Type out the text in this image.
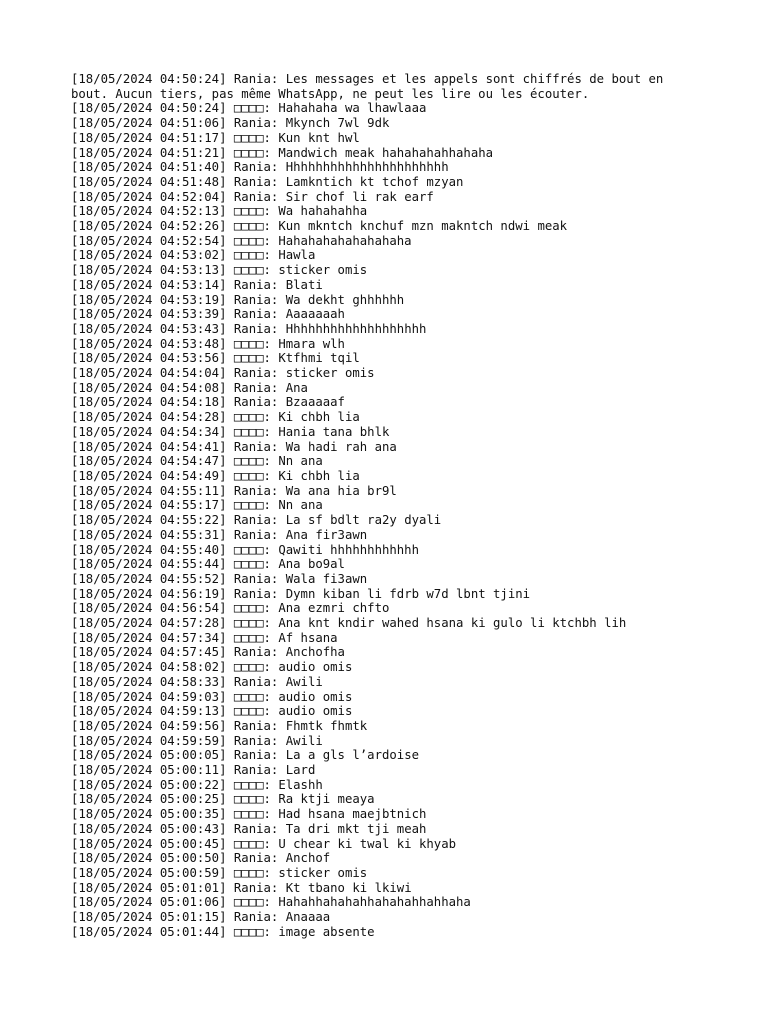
[18/05/2024 04:50:24] Rania: Les messages et les appels sont chiffrés de bout en bout. Aucun tiers, pas même WhatsApp, ne peut les lire ou les écouter.
[18/05/2024 04:50:24] □□□□: Hahahaha wa lhawlaaa
[18/05/2024 04:51:06] Rania: Mkynch 7wl 9dk
[18/05/2024 04:51:17] □□□□: Kun knt hwl
[18/05/2024 04:51:21] □□□□: Mandwich meak hahahahahhahaha
[18/05/2024 04:51:40] Rania: Hhhhhhhhhhhhhhhhhhhhhh
[18/05/2024 04:51:48] Rania: Lamkntich kt tchof mzyan
[18/05/2024 04:52:04] Rania: Sir chof li rak earf
[18/05/2024 04:52:13] □□□□: Wa hahahahha
[18/05/2024 04:52:26] □□□□: Kun mkntch knchuf mzn makntch ndwi meak
[18/05/2024 04:52:54] □□□□: Hahahahahahahahaha
[18/05/2024 04:53:02] □□□□: Hawla
[18/05/2024 04:53:13] □□□□: sticker omis
[18/05/2024 04:53:14] Rania: Blati
[18/05/2024 04:53:19] Rania: Wa dekht ghhhhhh
[18/05/2024 04:53:39] Rania: Aaaaaaah
[18/05/2024 04:53:43] Rania: Hhhhhhhhhhhhhhhhhhh
[18/05/2024 04:53:48] □□□□: Hmara wlh
[18/05/2024 04:53:56] □□□□: Ktfhmi tqil
[18/05/2024 04:54:04] Rania: sticker omis
[18/05/2024 04:54:08] Rania: Ana
[18/05/2024 04:54:18] Rania: Bzaaaaaf
[18/05/2024 04:54:28] □□□□: Ki chbh lia
[18/05/2024 04:54:34] □□□□: Hania tana bhlk
[18/05/2024 04:54:41] Rania: Wa hadi rah ana
[18/05/2024 04:54:47] □□□□: Nn ana
[18/05/2024 04:54:49] □□□□: Ki chbh lia
[18/05/2024 04:55:11] Rania: Wa ana hia br9l
[18/05/2024 04:55:17] □□□□: Nn ana
[18/05/2024 04:55:22] Rania: La sf bdlt ra2y dyali
[18/05/2024 04:55:31] Rania: Ana fir3awn
[18/05/2024 04:55:40] □□□□: Qawiti hhhhhhhhhhhh
[18/05/2024 04:55:44] □□□□: Ana bo9al
[18/05/2024 04:55:52] Rania: Wala fi3awn
[18/05/2024 04:56:19] Rania: Dymn kiban li fdrb w7d lbnt tjini
[18/05/2024 04:56:54] □□□□: Ana ezmri chfto
[18/05/2024 04:57:28] □□□□: Ana knt kndir wahed hsana ki gulo li ktchbh lih
[18/05/2024 04:57:34] □□□□: Af hsana
[18/05/2024 04:57:45] Rania: Anchofha
[18/05/2024 04:58:02] □□□□: audio omis
[18/05/2024 04:58:33] Rania: Awili
[18/05/2024 04:59:03] □□□□: audio omis
[18/05/2024 04:59:13] □□□□: audio omis
[18/05/2024 04:59:56] Rania: Fhmtk fhmtk
[18/05/2024 04:59:59] Rania: Awili
[18/05/2024 05:00:05] Rania: La a gls l’ardoise
[18/05/2024 05:00:11] Rania: Lard
[18/05/2024 05:00:22] □□□□: Elashh
[18/05/2024 05:00:25] □□□□: Ra ktji meaya
[18/05/2024 05:00:35] □□□□: Had hsana maejbtnich
[18/05/2024 05:00:43] Rania: Ta dri mkt tji meah
[18/05/2024 05:00:45] □□□□: U chear ki twal ki khyab
[18/05/2024 05:00:50] Rania: Anchof
[18/05/2024 05:00:59] □□□□: sticker omis
[18/05/2024 05:01:01] Rania: Kt tbano ki lkiwi
[18/05/2024 05:01:06] □□□□: Hahahhahahahhahahahhahhaha
[18/05/2024 05:01:15] Rania: Anaaaa
[18/05/2024 05:01:44] □□□□: image absente
